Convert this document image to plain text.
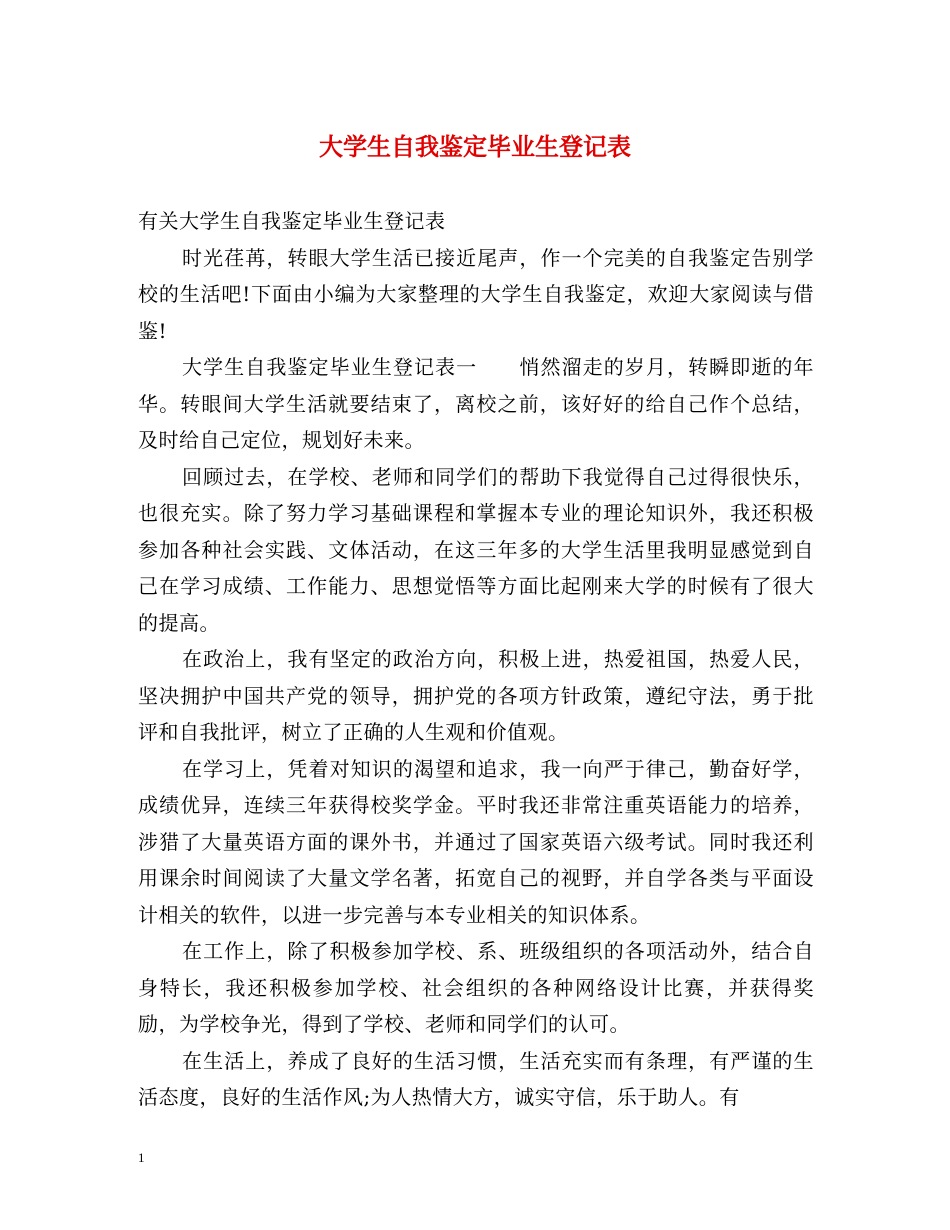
大学生自我鉴定毕业生登记表

有关大学生自我鉴定毕业生登记表

时光荏苒，转眼大学生活已接近尾声，作一个完美的自我鉴定告别学校的生活吧!下面由小编为大家整理的大学生自我鉴定，欢迎大家阅读与借鉴!

大学生自我鉴定毕业生登记表一　　悄然溜走的岁月，转瞬即逝的年华。转眼间大学生活就要结束了，离校之前，该好好的给自己作个总结，及时给自己定位，规划好未来。

回顾过去，在学校、老师和同学们的帮助下我觉得自己过得很快乐，也很充实。除了努力学习基础课程和掌握本专业的理论知识外，我还积极参加各种社会实践、文体活动，在这三年多的大学生活里我明显感觉到自己在学习成绩、工作能力、思想觉悟等方面比起刚来大学的时候有了很大的提高。

在政治上，我有坚定的政治方向，积极上进，热爱祖国，热爱人民，坚决拥护中国共产党的领导，拥护党的各项方针政策，遵纪守法，勇于批评和自我批评，树立了正确的人生观和价值观。

在学习上，凭着对知识的渴望和追求，我一向严于律己，勤奋好学，成绩优异，连续三年获得校奖学金。平时我还非常注重英语能力的培养，涉猎了大量英语方面的课外书，并通过了国家英语六级考试。同时我还利用课余时间阅读了大量文学名著，拓宽自己的视野，并自学各类与平面设计相关的软件，以进一步完善与本专业相关的知识体系。

在工作上，除了积极参加学校、系、班级组织的各项活动外，结合自身特长，我还积极参加学校、社会组织的各种网络设计比赛，并获得奖励，为学校争光，得到了学校、老师和同学们的认可。

在生活上，养成了良好的生活习惯，生活充实而有条理，有严谨的生活态度，良好的生活作风;为人热情大方，诚实守信，乐于助人。有

1
